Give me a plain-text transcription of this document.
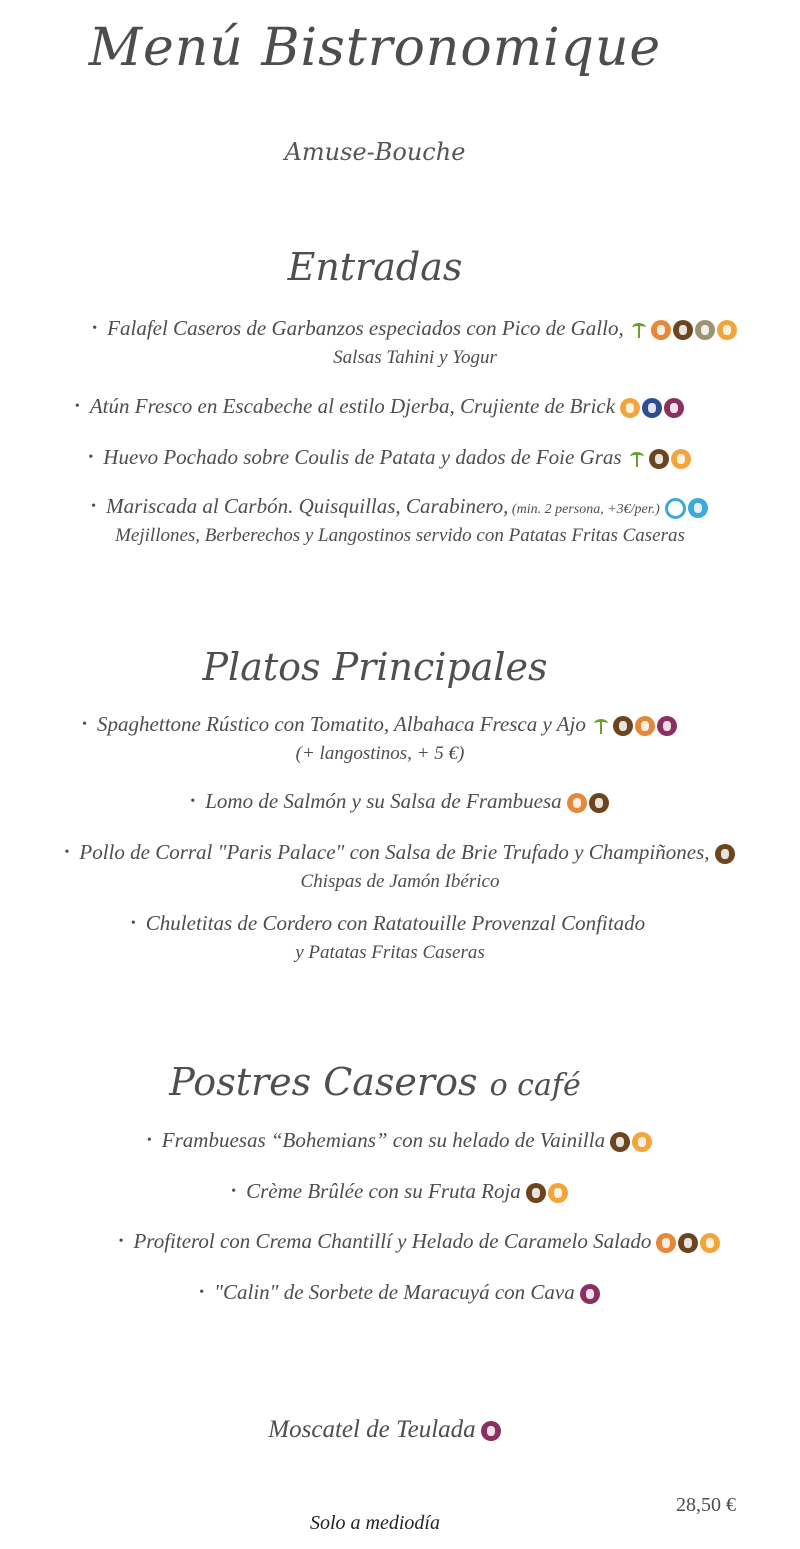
Menú Bistronomique
Amuse-Bouche
Entradas
• Falafel Caseros de Garbanzos especiados con Pico de Gallo,
Salsas Tahini y Yogur
• Atún Fresco en Escabeche al estilo Djerba, Crujiente de Brick
• Huevo Pochado sobre Coulis de Patata y dados de Foie Gras
• Mariscada al Carbón. Quisquillas, Carabinero, (min. 2 persona, +3€/per.)
Mejillones, Berberechos y Langostinos servido con Patatas Fritas Caseras
Platos Principales
• Spaghettone Rústico con Tomatito, Albahaca Fresca y Ajo
(+ langostinos, + 5 €)
• Lomo de Salmón y su Salsa de Frambuesa
• Pollo de Corral "Paris Palace" con Salsa de Brie Trufado y Champiñones,
Chispas de Jamón Ibérico
• Chuletitas de Cordero con Ratatouille Provenzal Confitado
y Patatas Fritas Caseras
Postres Caseros o café
• Frambuesas “Bohemians” con su helado de Vainilla
• Crème Brûlée con su Fruta Roja
• Profiterol con Crema Chantillí y Helado de Caramelo Salado
• "Calin" de Sorbete de Maracuyá con Cava
Moscatel de Teulada
28,50 €
Solo a mediodía
